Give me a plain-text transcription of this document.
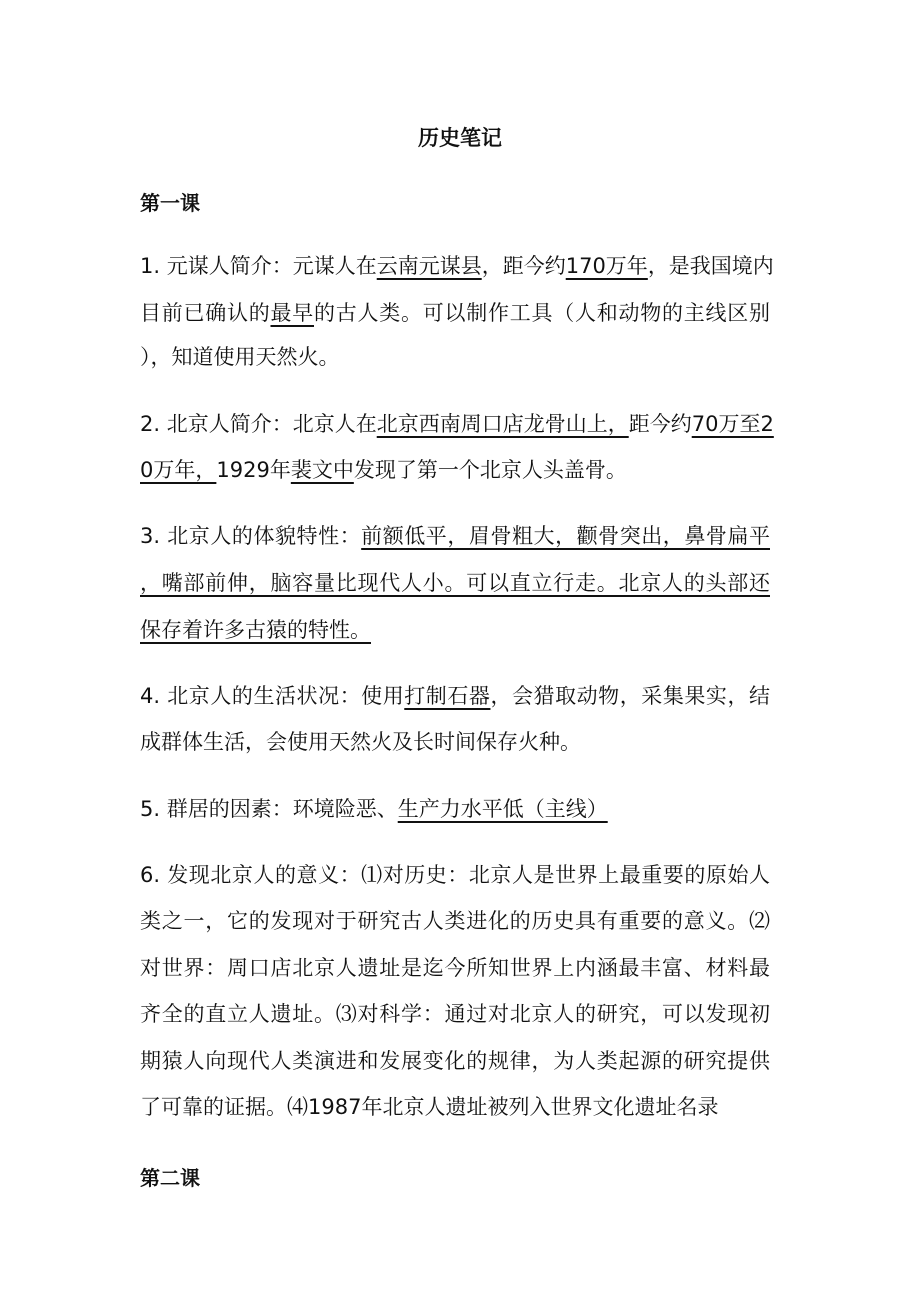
历史笔记
第一课
1. 元谋人简介：元谋人在云南元谋县，距今约170万年，是我国境内
目前已确认的最早的古人类。可以制作工具（人和动物的主线区别
），知道使用天然火。
2. 北京人简介：北京人在北京西南周口店龙骨山上，距今约70万至2
0万年，1929年裴文中发现了第一个北京人头盖骨。
3. 北京人的体貌特性：前额低平，眉骨粗大，颧骨突出，鼻骨扁平
，嘴部前伸，脑容量比现代人小。可以直立行走。北京人的头部还
保存着许多古猿的特性。
4. 北京人的生活状况：使用打制石器，会猎取动物，采集果实，结
成群体生活，会使用天然火及长时间保存火种。
5. 群居的因素：环境险恶、生产力水平低（主线）
6. 发现北京人的意义：⑴对历史：北京人是世界上最重要的原始人
类之一，它的发现对于研究古人类进化的历史具有重要的意义。⑵
对世界：周口店北京人遗址是迄今所知世界上内涵最丰富、材料最
齐全的直立人遗址。⑶对科学：通过对北京人的研究，可以发现初
期猿人向现代人类演进和发展变化的规律，为人类起源的研究提供
了可靠的证据。⑷1987年北京人遗址被列入世界文化遗址名录
第二课
